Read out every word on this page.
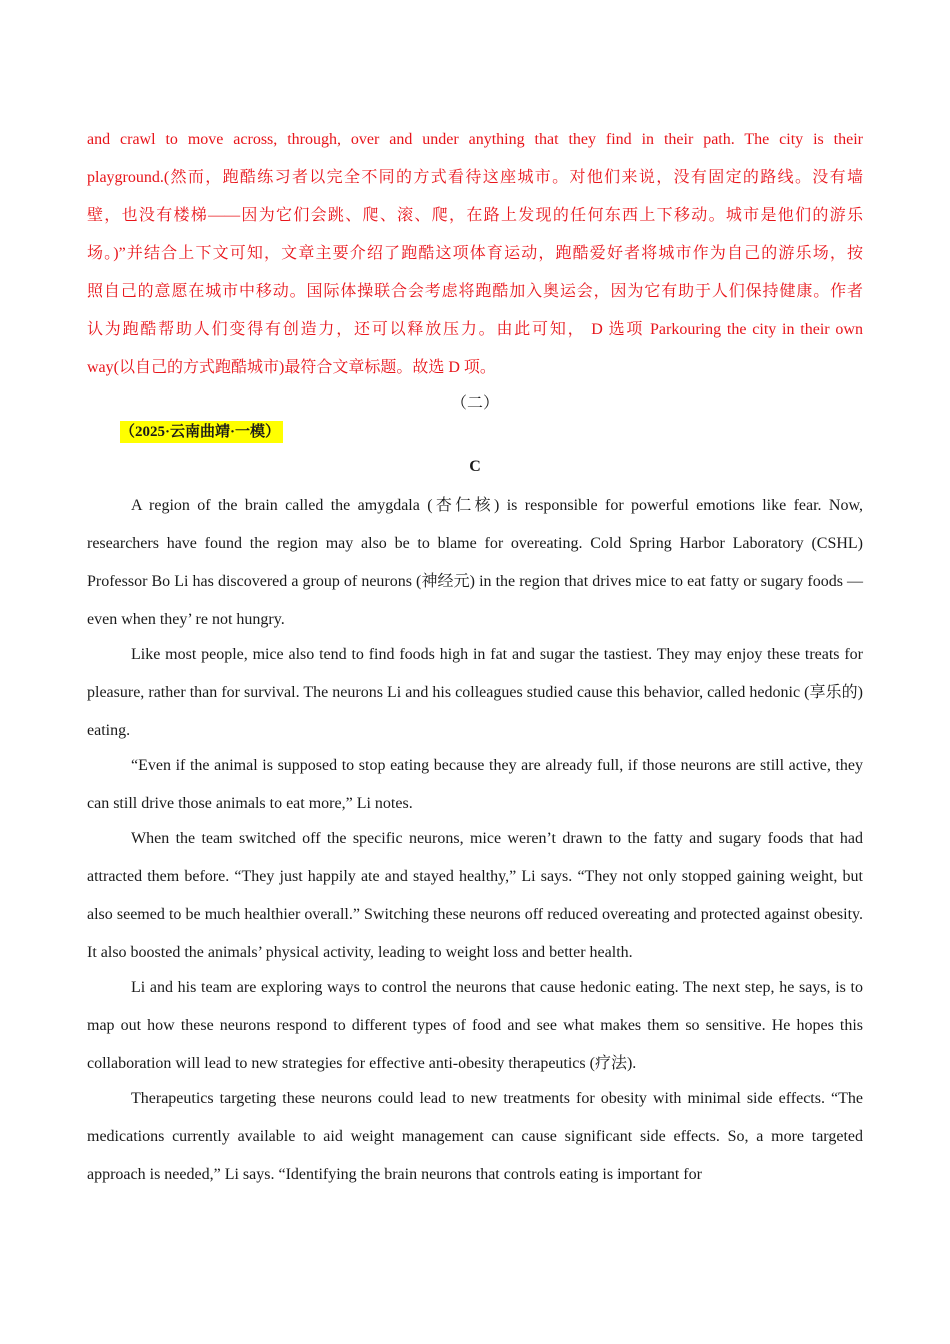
and crawl to move across, through, over and under anything that they find in their path. The city is their
playground.(然而，跑酷练习者以完全不同的方式看待这座城市。对他们来说，没有固定的路线。没有墙
壁，也没有楼梯——因为它们会跳、爬、滚、爬，在路上发现的任何东西上下移动。城市是他们的游乐
场。)”并结合上下文可知，文章主要介绍了跑酷这项体育运动，跑酷爱好者将城市作为自己的游乐场，按
照自己的意愿在城市中移动。国际体操联合会考虑将跑酷加入奥运会，因为它有助于人们保持健康。作者
认为跑酷帮助人们变得有创造力，还可以释放压力。由此可知， D 选项 Parkouring the city in their own
way(以自己的方式跑酷城市)最符合文章标题。故选 D 项。
（二）
（2025·云南曲靖·一模）
C

A region of the brain called the amygdala (杏仁核) is responsible for powerful emotions like fear. Now, researchers have found the region may also be to blame for overeating. Cold Spring Harbor Laboratory (CSHL) Professor Bo Li has discovered a group of neurons (神经元) in the region that drives mice to eat fatty or sugary foods — even when they’ re not hungry.

Like most people, mice also tend to find foods high in fat and sugar the tastiest. They may enjoy these treats for pleasure, rather than for survival. The neurons Li and his colleagues studied cause this behavior, called hedonic (享乐的) eating.

“Even if the animal is supposed to stop eating because they are already full, if those neurons are still active, they can still drive those animals to eat more,” Li notes.

When the team switched off the specific neurons, mice weren’t drawn to the fatty and sugary foods that had attracted them before. “They just happily ate and stayed healthy,” Li says. “They not only stopped gaining weight, but also seemed to be much healthier overall.” Switching these neurons off reduced overeating and protected against obesity. It also boosted the animals’ physical activity, leading to weight loss and better health.

Li and his team are exploring ways to control the neurons that cause hedonic eating. The next step, he says, is to map out how these neurons respond to different types of food and see what makes them so sensitive. He hopes this collaboration will lead to new strategies for effective anti-obesity therapeutics (疗法).

Therapeutics targeting these neurons could lead to new treatments for obesity with minimal side effects. “The medications currently available to aid weight management can cause significant side effects. So, a more targeted approach is needed,” Li says. “Identifying the brain neurons that controls eating is important for
